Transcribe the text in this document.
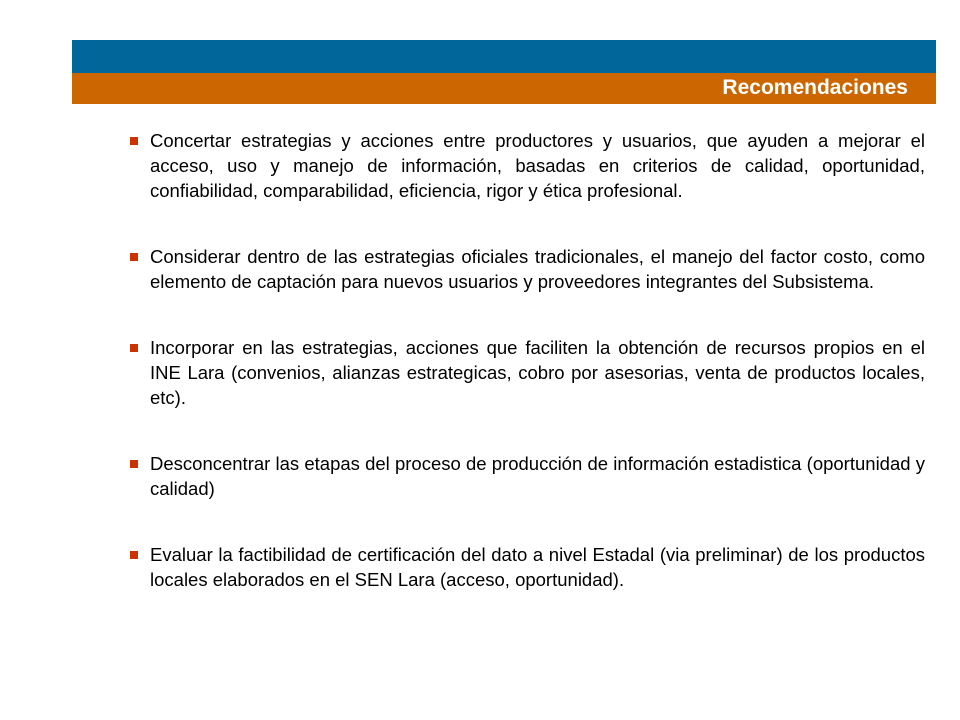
Recomendaciones
Concertar estrategias y acciones entre productores y usuarios, que ayuden a mejorar el acceso, uso y manejo de información, basadas en criterios de calidad, oportunidad, confiabilidad, comparabilidad, eficiencia, rigor y ética profesional.
Considerar dentro de las estrategias oficiales tradicionales, el manejo del factor costo, como elemento de captación para nuevos usuarios y proveedores integrantes del Subsistema.
Incorporar en las estrategias, acciones que faciliten la obtención de recursos propios en el INE Lara (convenios, alianzas estrategicas, cobro por asesorias, venta de productos locales, etc).
Desconcentrar las etapas del proceso de producción de información estadistica (oportunidad y calidad)
Evaluar la factibilidad de certificación del dato a nivel Estadal (via preliminar) de los productos locales elaborados en el SEN Lara (acceso, oportunidad).
